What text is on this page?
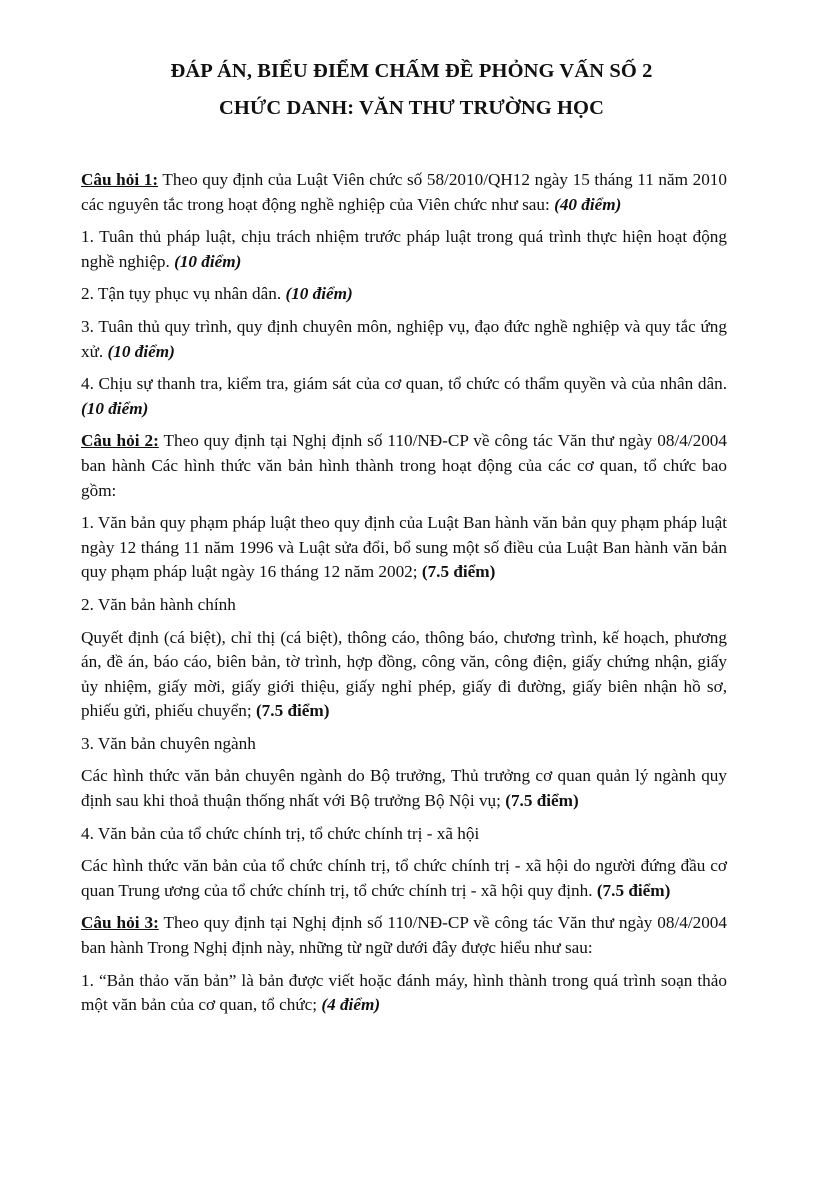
ĐÁP ÁN, BIỂU ĐIỂM CHẤM ĐỀ PHỎNG VẤN SỐ 2
CHỨC DANH: VĂN THƯ TRƯỜNG HỌC

Câu hỏi 1: Theo quy định của Luật Viên chức số 58/2010/QH12 ngày 15 tháng 11 năm 2010 các nguyên tắc trong hoạt động nghề nghiệp của Viên chức như sau: (40 điểm)

1. Tuân thủ pháp luật, chịu trách nhiệm trước pháp luật trong quá trình thực hiện hoạt động nghề nghiệp. (10 điểm)

2. Tận tụy phục vụ nhân dân. (10 điểm)

3. Tuân thủ quy trình, quy định chuyên môn, nghiệp vụ, đạo đức nghề nghiệp và quy tắc ứng xử. (10 điểm)

4. Chịu sự thanh tra, kiểm tra, giám sát của cơ quan, tổ chức có thẩm quyền và của nhân dân. (10 điểm)

Câu hỏi 2: Theo quy định tại Nghị định số 110/NĐ-CP về công tác Văn thư ngày 08/4/2004 ban hành Các hình thức văn bản hình thành trong hoạt động của các cơ quan, tổ chức bao gồm:

1. Văn bản quy phạm pháp luật theo quy định của Luật Ban hành văn bản quy phạm pháp luật ngày 12 tháng 11 năm 1996 và Luật sửa đổi, bổ sung một số điều của Luật Ban hành văn bản quy phạm pháp luật ngày 16 tháng 12 năm 2002; (7.5 điểm)

2. Văn bản hành chính

Quyết định (cá biệt), chỉ thị (cá biệt), thông cáo, thông báo, chương trình, kế hoạch, phương án, đề án, báo cáo, biên bản, tờ trình, hợp đồng, công văn, công điện, giấy chứng nhận, giấy ủy nhiệm, giấy mời, giấy giới thiệu, giấy nghỉ phép, giấy đi đường, giấy biên nhận hồ sơ, phiếu gửi, phiếu chuyển; (7.5 điểm)

3. Văn bản chuyên ngành

Các hình thức văn bản chuyên ngành do Bộ trưởng, Thủ trưởng cơ quan quản lý ngành quy định sau khi thoả thuận thống nhất với Bộ trưởng Bộ Nội vụ; (7.5 điểm)

4. Văn bản của tổ chức chính trị, tổ chức chính trị - xã hội

Các hình thức văn bản của tổ chức chính trị, tổ chức chính trị - xã hội do người đứng đầu cơ quan Trung ương của tổ chức chính trị, tổ chức chính trị - xã hội quy định. (7.5 điểm)

Câu hỏi 3: Theo quy định tại Nghị định số 110/NĐ-CP về công tác Văn thư ngày 08/4/2004 ban hành Trong Nghị định này, những từ ngữ dưới đây được hiểu như sau:

1. “Bản thảo văn bản” là bản được viết hoặc đánh máy, hình thành trong quá trình soạn thảo một văn bản của cơ quan, tổ chức; (4 điểm)
